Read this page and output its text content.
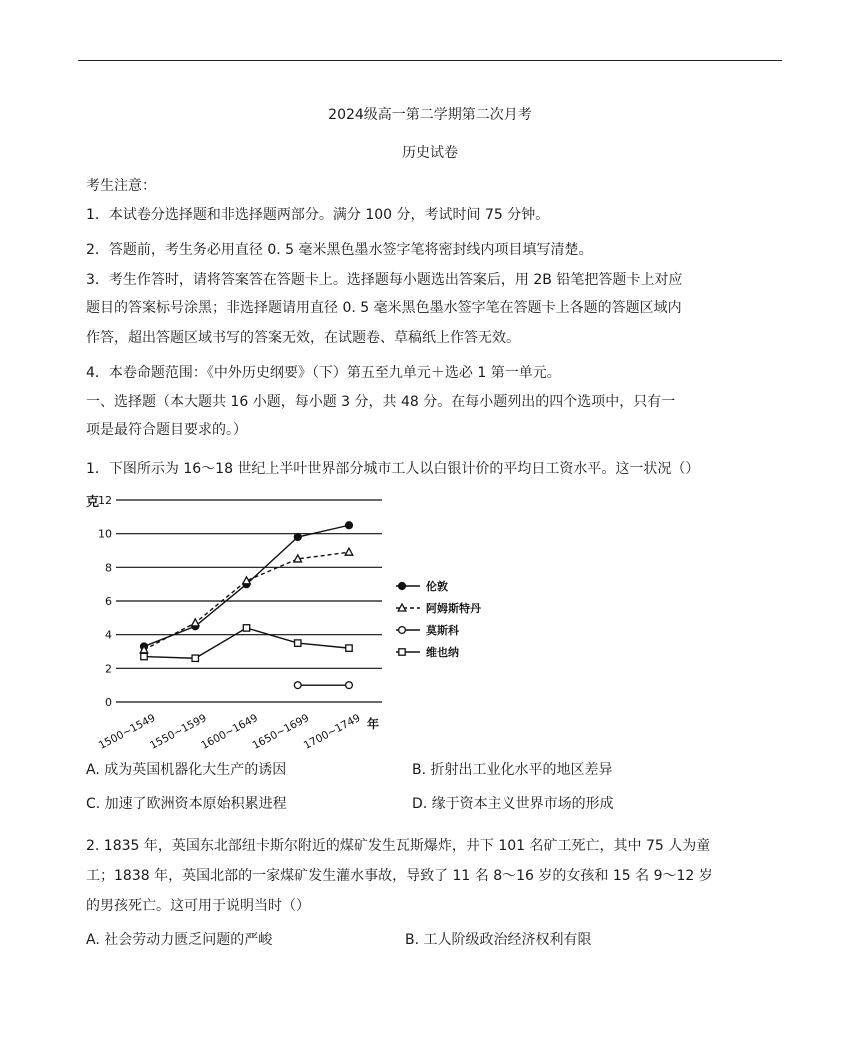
2024级高一第二学期第二次月考
历史试卷
考生注意：
1．本试卷分选择题和非选择题两部分。满分 100 分，考试时间 75 分钟。
2．答题前，考生务必用直径 0. 5 毫米黑色墨水签字笔将密封线内项目填写清楚。
3．考生作答时，请将答案答在答题卡上。选择题每小题选出答案后，用 2B 铅笔把答题卡上对应
题目的答案标号涂黑；非选择题请用直径 0. 5 毫米黑色墨水签字笔在答题卡上各题的答题区域内
作答，超出答题区域书写的答案无效，在试题卷、草稿纸上作答无效。
4．本卷命题范围：《中外历史纲要》（下）第五至九单元＋选必 1 第一单元。
一、选择题（本大题共 16 小题，每小题 3 分，共 48 分。在每小题列出的四个选项中，只有一
项是最符合题目要求的。）
1．下图所示为 16～18 世纪上半叶世界部分城市工人以白银计价的平均日工资水平。这一状况（）
0
2
4
6
8
10
12
克
1500~1549
1550~1599
1600~1649
1650~1699
1700~1749 年
伦敦
阿姆斯特丹
莫斯科
维也纳
A. 成为英国机器化大生产的诱因	B. 折射出工业化水平的地区差异
C. 加速了欧洲资本原始积累进程	D. 缘于资本主义世界市场的形成
2. 1835 年，英国东北部纽卡斯尔附近的煤矿发生瓦斯爆炸，井下 101 名矿工死亡，其中 75 人为童
工；1838 年，英国北部的一家煤矿发生灌水事故，导致了 11 名 8～16 岁的女孩和 15 名 9～12 岁
的男孩死亡。这可用于说明当时（）
A. 社会劳动力匮乏问题的严峻	B. 工人阶级政治经济权利有限
